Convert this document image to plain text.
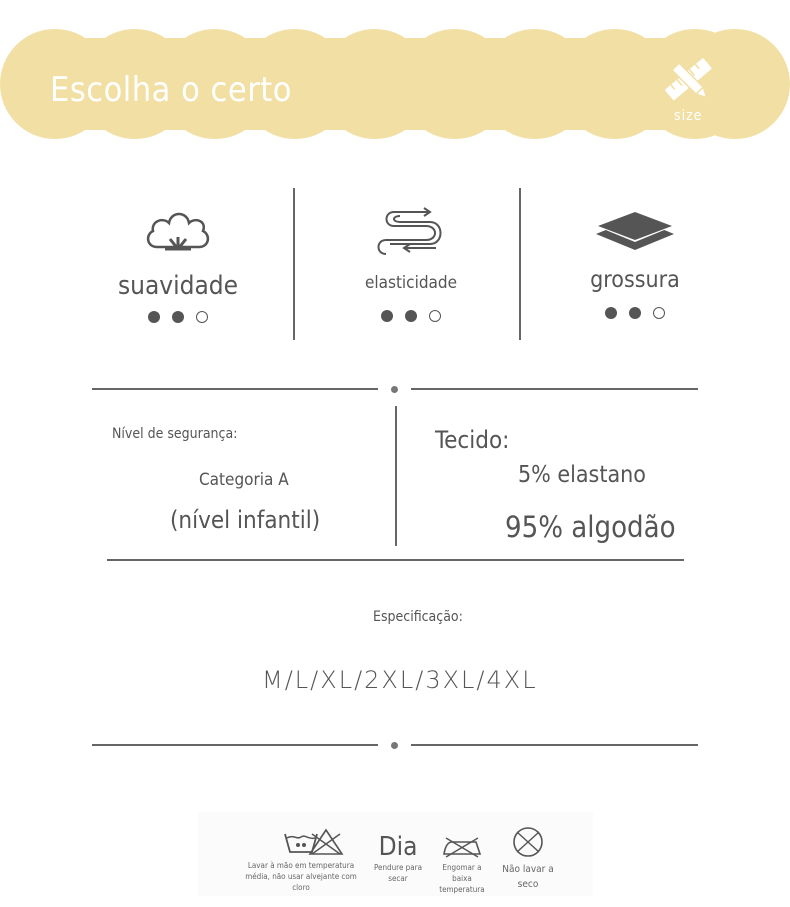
Escolha o certo
size
suavidade	elasticidade	grossura
Nível de segurança:
Categoria A
(nível infantil)
Tecido:
5% elastano
95% algodão
Especificação:
M/L/XL/2XL/3XL/4XL
Lavar à mão em temperatura média, não usar alvejante com cloro
Dia
Pendure para secar
Engomar a baixa temperatura
Não lavar a seco
